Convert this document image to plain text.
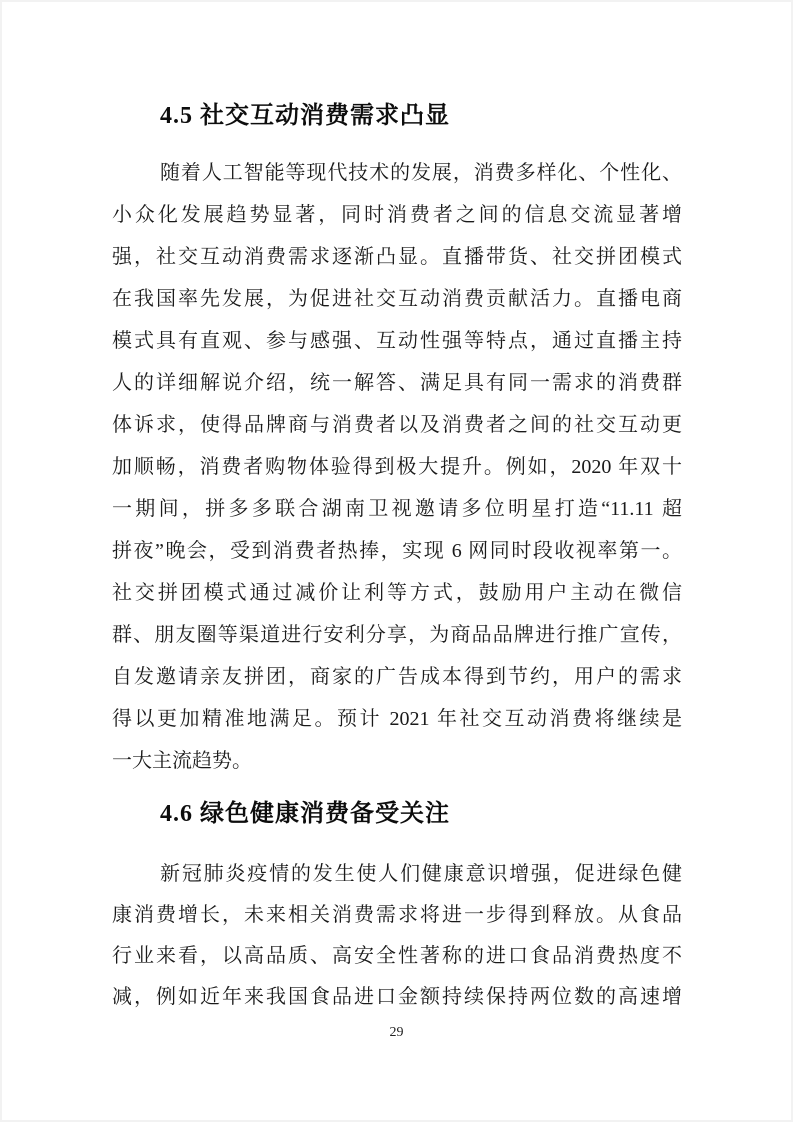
4.5 社交互动消费需求凸显
随着人工智能等现代技术的发展，消费多样化、个性化、
小众化发展趋势显著，同时消费者之间的信息交流显著增
强，社交互动消费需求逐渐凸显。直播带货、社交拼团模式
在我国率先发展，为促进社交互动消费贡献活力。直播电商
模式具有直观、参与感强、互动性强等特点，通过直播主持
人的详细解说介绍，统一解答、满足具有同一需求的消费群
体诉求，使得品牌商与消费者以及消费者之间的社交互动更
加顺畅，消费者购物体验得到极大提升。例如，2020 年双十
一期间，拼多多联合湖南卫视邀请多位明星打造“11.11 超
拼夜”晚会，受到消费者热捧，实现 6 网同时段收视率第一。
社交拼团模式通过减价让利等方式，鼓励用户主动在微信
群、朋友圈等渠道进行安利分享，为商品品牌进行推广宣传，
自发邀请亲友拼团，商家的广告成本得到节约，用户的需求
得以更加精准地满足。预计 2021 年社交互动消费将继续是
一大主流趋势。
4.6 绿色健康消费备受关注
新冠肺炎疫情的发生使人们健康意识增强，促进绿色健
康消费增长，未来相关消费需求将进一步得到释放。从食品
行业来看，以高品质、高安全性著称的进口食品消费热度不
减，例如近年来我国食品进口金额持续保持两位数的高速增
29
